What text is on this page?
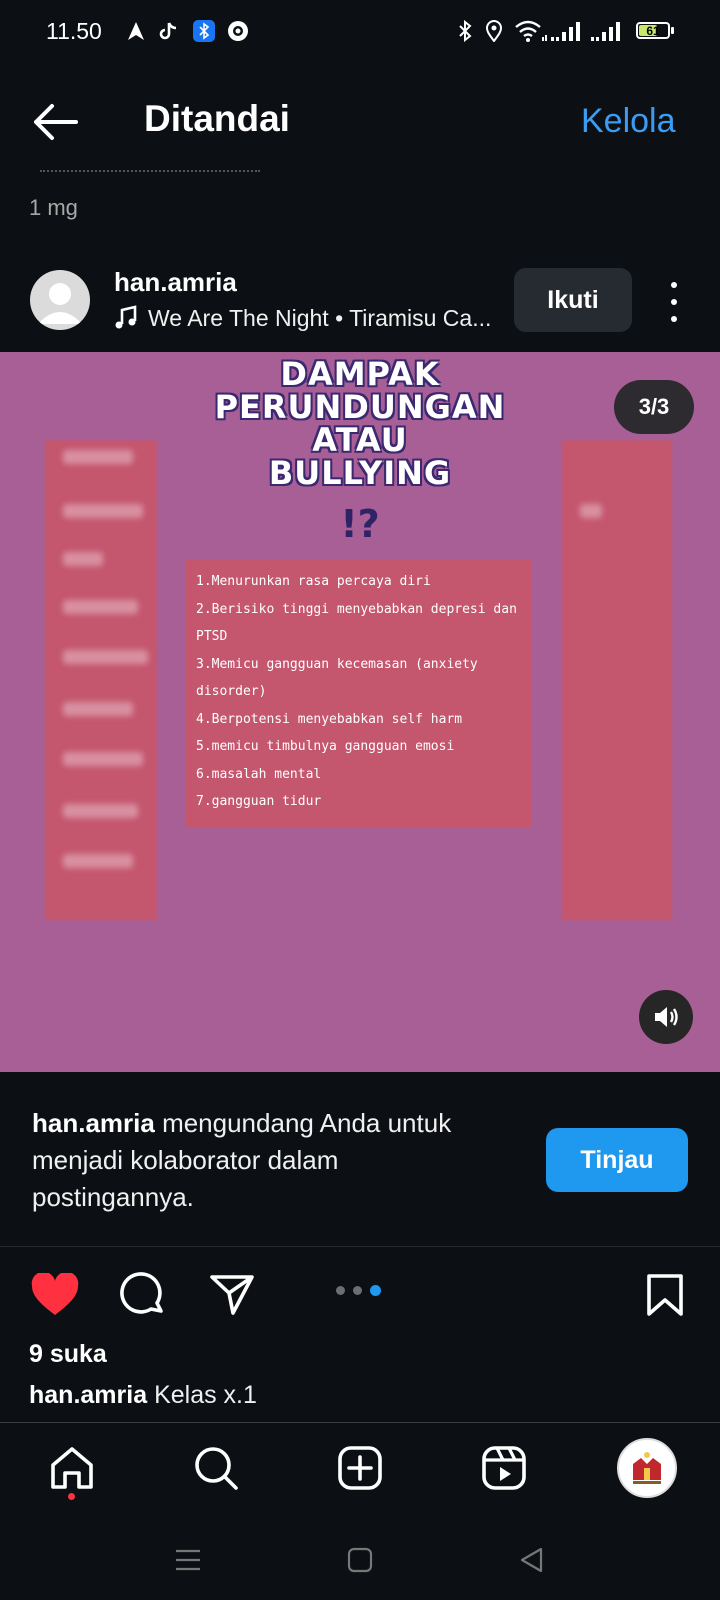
11.50	61
Ditandai	Kelola
1 mg
han.amria
We Are The Night • Tiramisu Ca...
Ikuti
DAMPAK
PERUNDUNGAN
ATAU
BULLYING
!?
1.Menurunkan rasa percaya diri
2.Berisiko tinggi menyebabkan depresi dan
PTSD
3.Memicu gangguan kecemasan (anxiety
disorder)
4.Berpotensi menyebabkan self harm
5.memicu timbulnya gangguan emosi
6.masalah mental
7.gangguan tidur
3/3
han.amria mengundang Anda untuk menjadi kolaborator dalam postingannya.
Tinjau
9 suka
han.amria Kelas x.1
